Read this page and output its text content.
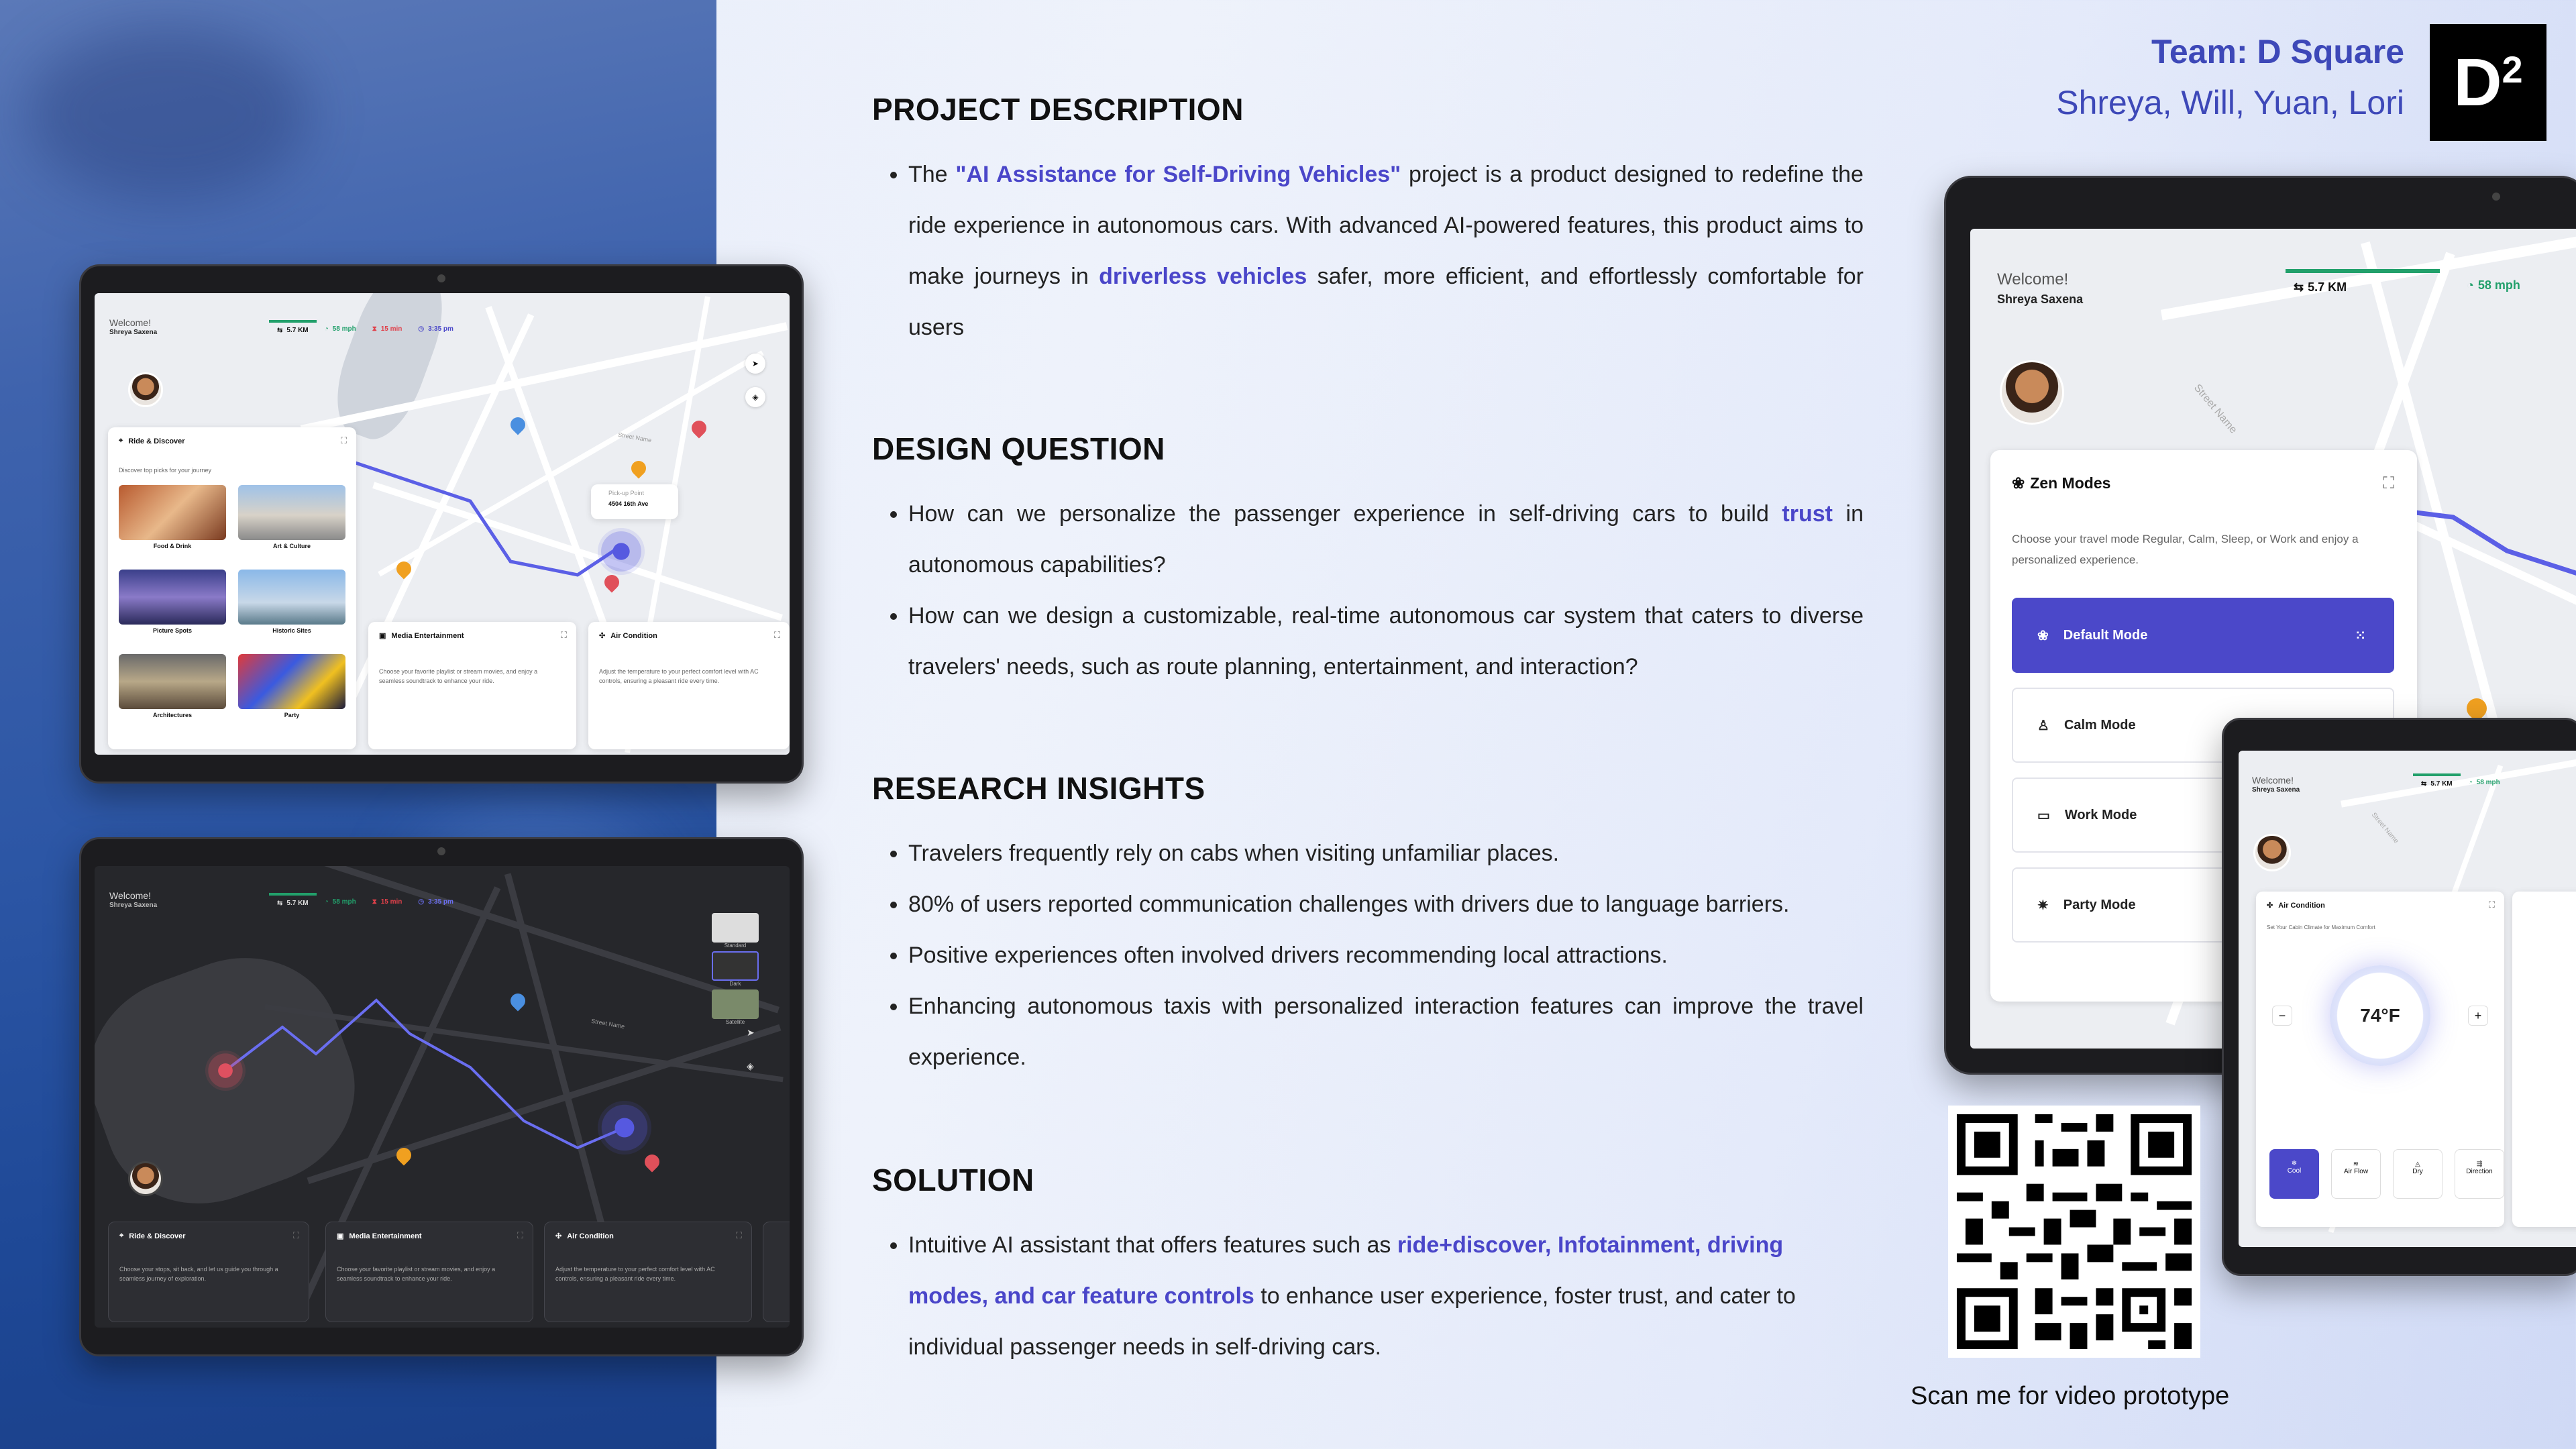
Pick-up Point
4504 16th Ave
Street Name
➤
◈
Welcome!
Shreya Saxena	⇆ 5.7 KM ◔ 58 mph ⧗ 15 min ◷ 3:35 pm
⌖ Ride & Discover	⛶
Discover top picks for your journey
Food & Drink	Art & Culture
Picture Spots	Historic Sites
Architectures	Party
▣ Media Entertainment	⛶
Choose your favorite playlist or stream movies, and enjoy a seamless soundtrack to enhance your ride.
✣ Air Condition	⛶
Adjust the temperature to your perfect comfort level with AC controls, ensuring a pleasant ride every time.
Street Name
Standard
Dark
Satellite
➤
◈
Welcome!
Shreya Saxena	⇆ 5.7 KM ◔ 58 mph ⧗ 15 min ◷ 3:35 pm
⌖ Ride & Discover	⛶
Choose your stops, sit back, and let us guide you through a seamless journey of exploration.
▣ Media Entertainment	⛶
Choose your favorite playlist or stream movies, and enjoy a seamless soundtrack to enhance your ride.
✣ Air Condition	⛶
Adjust the temperature to your perfect comfort level with AC controls, ensuring a pleasant ride every time.
PROJECT DESCRIPTION
• The "AI Assistance for Self-Driving Vehicles" project is a product designed to redefine the ride experience in autonomous cars. With advanced AI-powered features, this product aims to make journeys in driverless vehicles safer, more efficient, and effortlessly comfortable for users
DESIGN QUESTION
• How can we personalize the passenger experience in self-driving cars to build trust in autonomous capabilities?
• How can we design a customizable, real-time autonomous car system that caters to diverse travelers' needs, such as route planning, entertainment, and interaction?
RESEARCH INSIGHTS
• Travelers frequently rely on cabs when visiting unfamiliar places.
• 80% of users reported communication challenges with drivers due to language barriers.
• Positive experiences often involved drivers recommending local attractions.
• Enhancing autonomous taxis with personalized interaction features can improve the travel experience.
SOLUTION
• Intuitive AI assistant that offers features such as ride+discover, Infotainment, driving modes, and car feature controls to enhance user experience, foster trust, and cater to individual passenger needs in self-driving cars.
Team: D Square
Shreya, Will, Yuan, Lori $D^2$
Street Name
Welcome!
Shreya Saxena
⇆ 5.7 KM	◔ 58 mph
❀ Zen Modes	⛶
Choose your travel mode Regular, Calm, Sleep, or Work and enjoy a personalized experience.
❀ Default Mode	⁙
♙ Calm Mode
▭ Work Mode
✷ Party Mode
Welcome!
Shreya Saxena
Street Name
⇆ 5.7 KM ◔ 58 mph
✣ Air Condition	⛶
Set Your Cabin Climate for Maximum Comfort
74°F
−	+
❄
Cool
≋
Air Flow
◬
Dry
⇶
Direction
Scan me for video prototype
